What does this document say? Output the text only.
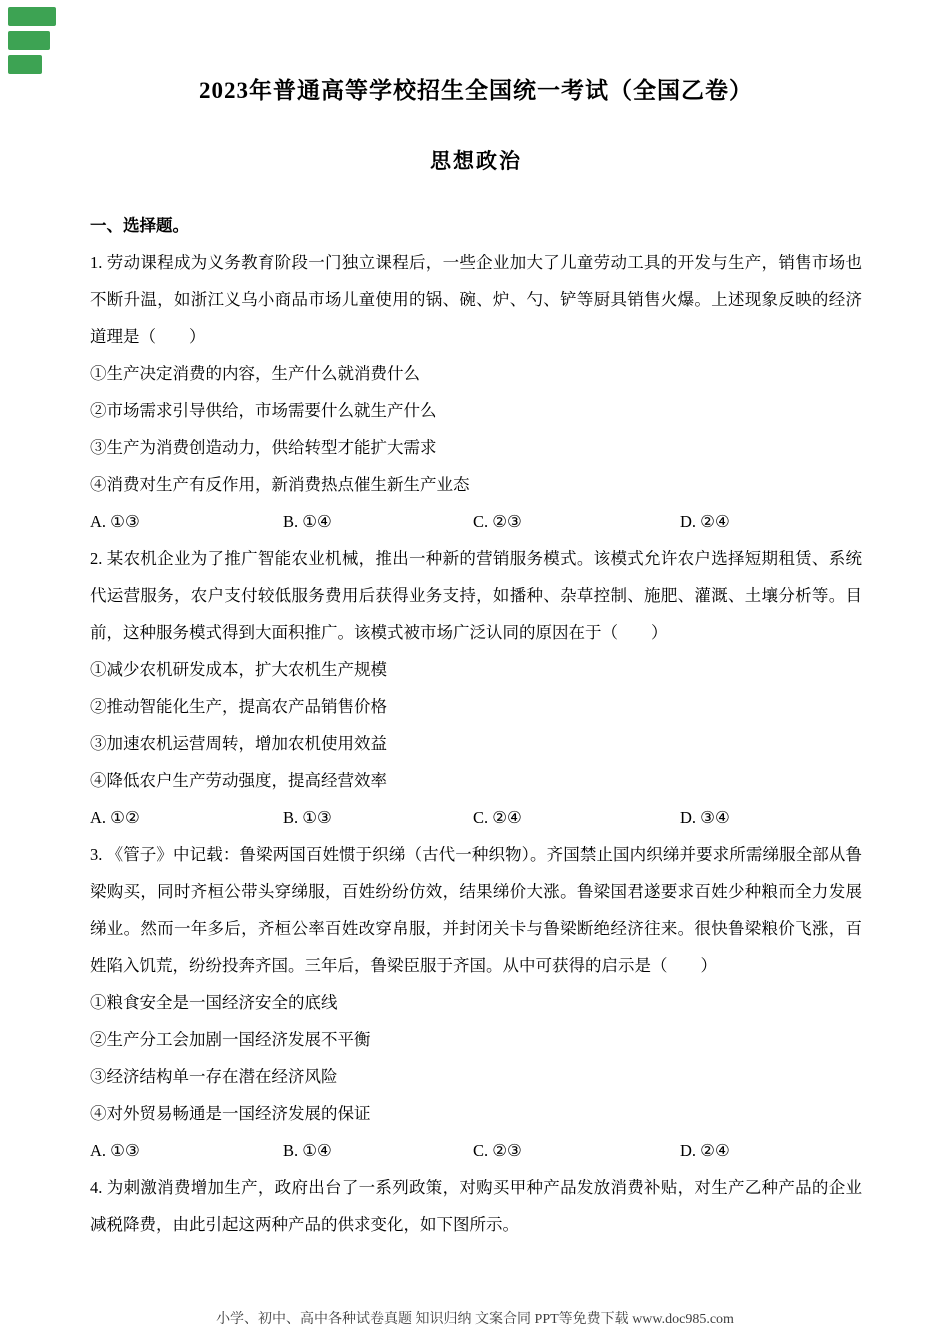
2023年普通高等学校招生全国统一考试（全国乙卷）
思想政治
一、选择题。

1. 劳动课程成为义务教育阶段一门独立课程后，一些企业加大了儿童劳动工具的开发与生产，销售市场也不断升温，如浙江义乌小商品市场儿童使用的锅、碗、炉、勺、铲等厨具销售火爆。上述现象反映的经济道理是（　　）

①生产决定消费的内容，生产什么就消费什么

②市场需求引导供给，市场需要什么就生产什么

③生产为消费创造动力，供给转型才能扩大需求

④消费对生产有反作用，新消费热点催生新生产业态

A. ①③	B. ①④	C. ②③	D. ②④

2. 某农机企业为了推广智能农业机械，推出一种新的营销服务模式。该模式允许农户选择短期租赁、系统代运营服务，农户支付较低服务费用后获得业务支持，如播种、杂草控制、施肥、灌溉、土壤分析等。目前，这种服务模式得到大面积推广。该模式被市场广泛认同的原因在于（　　）

①减少农机研发成本，扩大农机生产规模

②推动智能化生产，提高农产品销售价格

③加速农机运营周转，增加农机使用效益

④降低农户生产劳动强度，提高经营效率

A. ①②	B. ①③	C. ②④	D. ③④

3. 《管子》中记载：鲁梁两国百姓惯于织绨（古代一种织物）。齐国禁止国内织绨并要求所需绨服全部从鲁梁购买，同时齐桓公带头穿绨服，百姓纷纷仿效，结果绨价大涨。鲁梁国君遂要求百姓少种粮而全力发展绨业。然而一年多后，齐桓公率百姓改穿帛服，并封闭关卡与鲁梁断绝经济往来。很快鲁梁粮价飞涨，百姓陷入饥荒，纷纷投奔齐国。三年后，鲁梁臣服于齐国。从中可获得的启示是（　　）

①粮食安全是一国经济安全的底线

②生产分工会加剧一国经济发展不平衡

③经济结构单一存在潜在经济风险

④对外贸易畅通是一国经济发展的保证

A. ①③	B. ①④	C. ②③	D. ②④

4. 为刺激消费增加生产，政府出台了一系列政策，对购买甲种产品发放消费补贴，对生产乙种产品的企业减税降费，由此引起这两种产品的供求变化，如下图所示。

小学、初中、高中各种试卷真题 知识归纳 文案合同 PPT等免费下载 www.doc985.com
